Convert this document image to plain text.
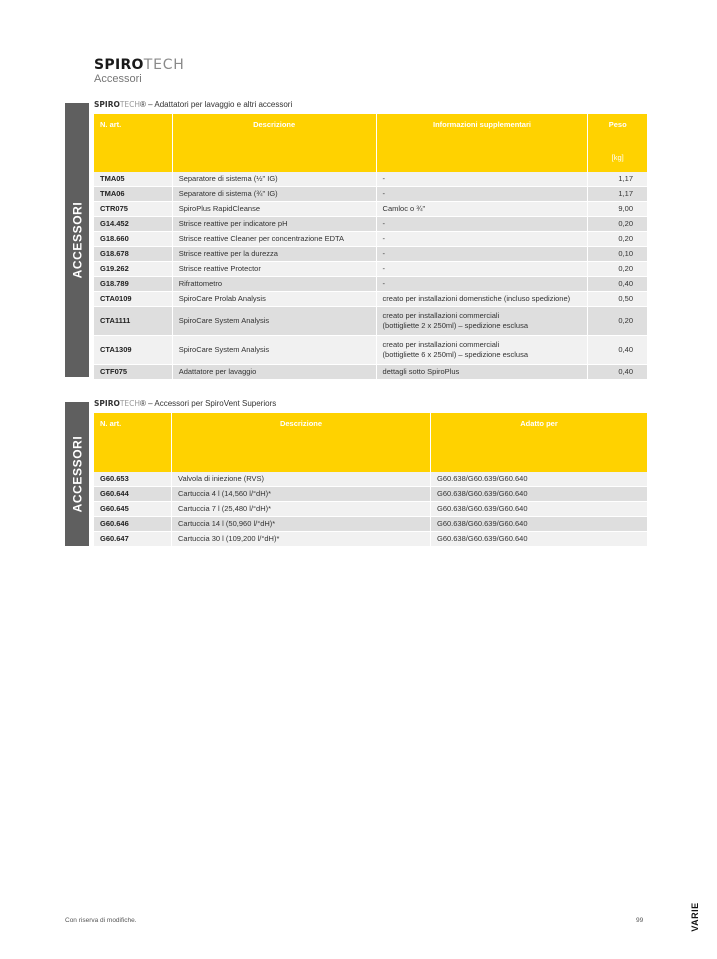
SPIROTECH
Accessori
ACCESSORI
SPIROTECH® – Adattatori per lavaggio e altri accessori
N. art.	Descrizione	Informazioni supplementari	Peso
[kg]

TMA05	Separatore di sistema (½" IG)	-	1,17
TMA06	Separatore di sistema (¾" IG)	-	1,17
CTR075	SpiroPlus RapidCleanse	Camloc o ¾"	9,00
G14.452	Strisce reattive per indicatore pH	-	0,20
G18.660	Strisce reattive Cleaner per concentrazione EDTA	-	0,20
G18.678	Strisce reattive per la durezza	-	0,10
G19.262	Strisce reattive Protector	-	0,20
G18.789	Rifrattometro	-	0,40
CTA0109	SpiroCare Prolab Analysis	creato per installazioni domenstiche (incluso spedizione)	0,50
CTA1111	SpiroCare System Analysis	creato per installazioni commerciali
(bottigliette 2 x 250ml) – spedizione esclusa	0,20
CTA1309	SpiroCare System Analysis	creato per installazioni commerciali
(bottigliette 6 x 250ml) – spedizione esclusa	0,40
CTF075	Adattatore per lavaggio	dettagli sotto SpiroPlus	0,40
ACCESSORI
SPIROTECH® – Accessori per SpiroVent Superiors
N. art.	Descrizione	Adatto per
G60.653	Valvola di iniezione (RVS)	G60.638/G60.639/G60.640
G60.644	Cartuccia 4 l (14,560 l/°dH)*	G60.638/G60.639/G60.640
G60.645	Cartuccia 7 l (25,480 l/°dH)*	G60.638/G60.639/G60.640
G60.646	Cartuccia 14 l (50,960 l/°dH)*	G60.638/G60.639/G60.640
G60.647	Cartuccia 30 l (109,200 l/°dH)*	G60.638/G60.639/G60.640
Con riserva di modifiche.	99	VARIE
